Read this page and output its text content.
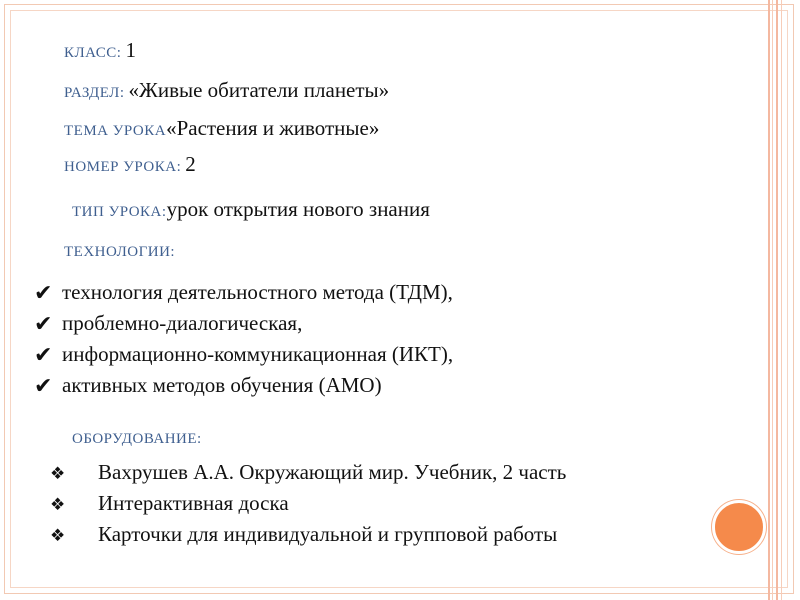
КЛАСС: 1
РАЗДЕЛ: «Живые обитатели планеты»
ТЕМА УРОКА«Растения и животные»
НОМЕР УРОКА: 2
ТИП УРОКА:урок открытия нового знания
ТЕХНОЛОГИИ:
✔ технология деятельностного метода (ТДМ),
✔ проблемно-диалогическая,
✔ информационно-коммуникационная (ИКТ),
✔ активных методов обучения (АМО)
ОБОРУДОВАНИЕ:
❖ Вахрушев А.А. Окружающий мир. Учебник, 2 часть
❖ Интерактивная доска
❖ Карточки для индивидуальной и групповой работы
